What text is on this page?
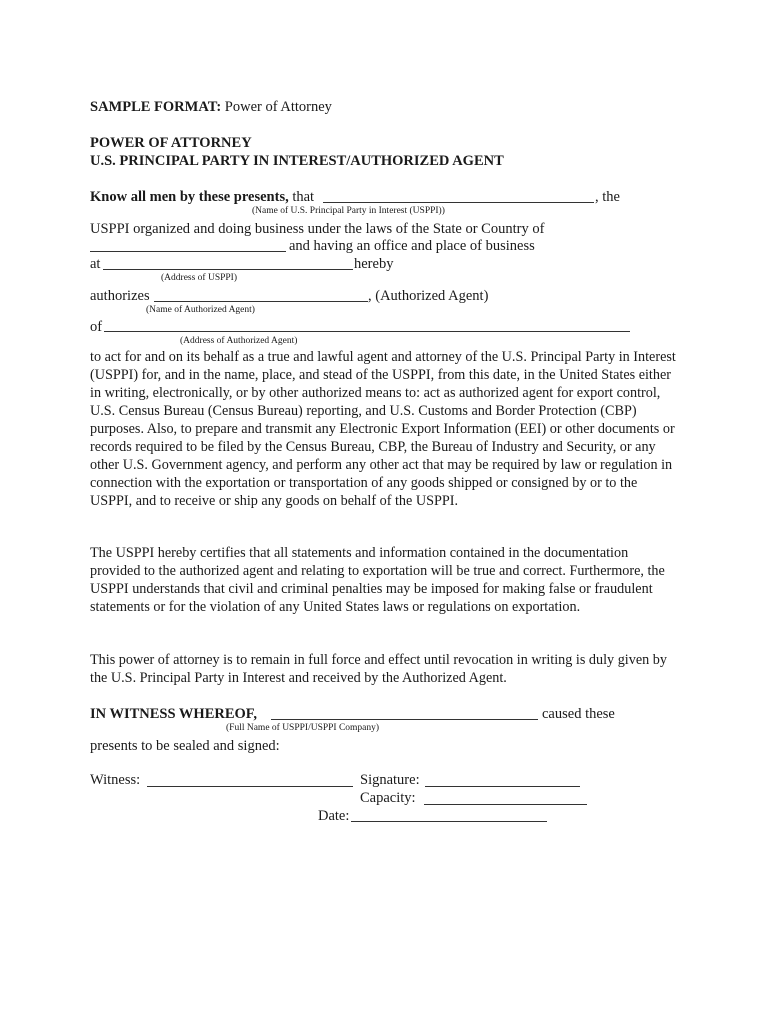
SAMPLE FORMAT: Power of Attorney
POWER OF ATTORNEY
U.S. PRINCIPAL PARTY IN INTEREST/AUTHORIZED AGENT
Know all men by these presents, that	, the
(Name of U.S. Principal Party in Interest (USPPI))
USPPI organized and doing business under the laws of the State or Country of
and having an office and place of business
at	hereby
(Address of USPPI)
authorizes	, (Authorized Agent)
(Name of Authorized Agent)
of
(Address of Authorized Agent)
to act for and on its behalf as a true and lawful agent and attorney of the U.S. Principal Party in Interest (USPPI) for, and in the name, place, and stead of the USPPI, from this date, in the United States either in writing, electronically, or by other authorized means to: act as authorized agent for export control, U.S. Census Bureau (Census Bureau) reporting, and U.S. Customs and Border Protection (CBP) purposes. Also, to prepare and transmit any Electronic Export Information (EEI) or other documents or records required to be filed by the Census Bureau, CBP, the Bureau of Industry and Security, or any other U.S. Government agency, and perform any other act that may be required by law or regulation in connection with the exportation or transportation of any goods shipped or consigned by or to the USPPI, and to receive or ship any goods on behalf of the USPPI.
The USPPI hereby certifies that all statements and information contained in the documentation provided to the authorized agent and relating to exportation will be true and correct. Furthermore, the USPPI understands that civil and criminal penalties may be imposed for making false or fraudulent statements or for the violation of any United States laws or regulations on exportation.
This power of attorney is to remain in full force and effect until revocation in writing is duly given by the U.S. Principal Party in Interest and received by the Authorized Agent.
IN WITNESS WHEREOF,	caused these
(Full Name of USPPI/USPPI Company)
presents to be sealed and signed:
Witness:	Signature:
Capacity:
Date:
